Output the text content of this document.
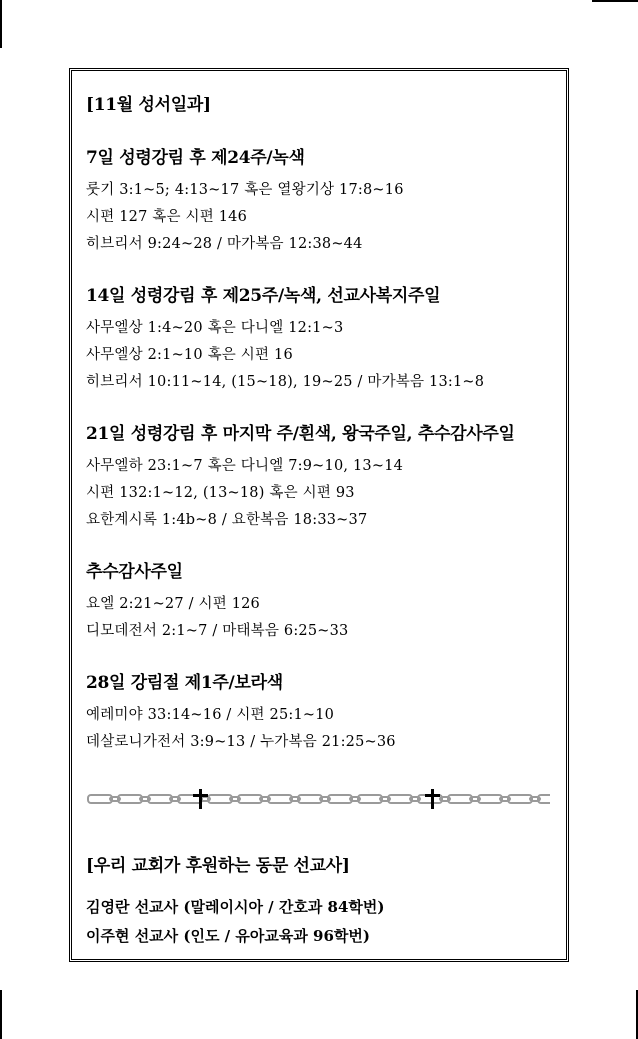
[11월 성서일과]
7일 성령강림 후 제24주/녹색
룻기 3:1~5; 4:13~17 혹은 열왕기상 17:8~16
시편 127 혹은 시편 146
히브리서 9:24~28 / 마가복음 12:38~44
14일 성령강림 후 제25주/녹색, 선교사복지주일
사무엘상 1:4~20 혹은 다니엘 12:1~3
사무엘상 2:1~10 혹은 시편 16
히브리서 10:11~14, (15~18), 19~25 / 마가복음 13:1~8
21일 성령강림 후 마지막 주/흰색, 왕국주일, 추수감사주일
사무엘하 23:1~7 혹은 다니엘 7:9~10, 13~14
시편 132:1~12, (13~18) 혹은 시편 93
요한계시록 1:4b~8 / 요한복음 18:33~37
추수감사주일
요엘 2:21~27 / 시편 126
디모데전서 2:1~7 / 마태복음 6:25~33
28일 강림절 제1주/보라색
예레미야 33:14~16 / 시편 25:1~10
데살로니가전서 3:9~13 / 누가복음 21:25~36
[우리 교회가 후원하는 동문 선교사]
김영란 선교사 (말레이시아 / 간호과 84학번)
이주현 선교사 (인도 / 유아교육과 96학번)
